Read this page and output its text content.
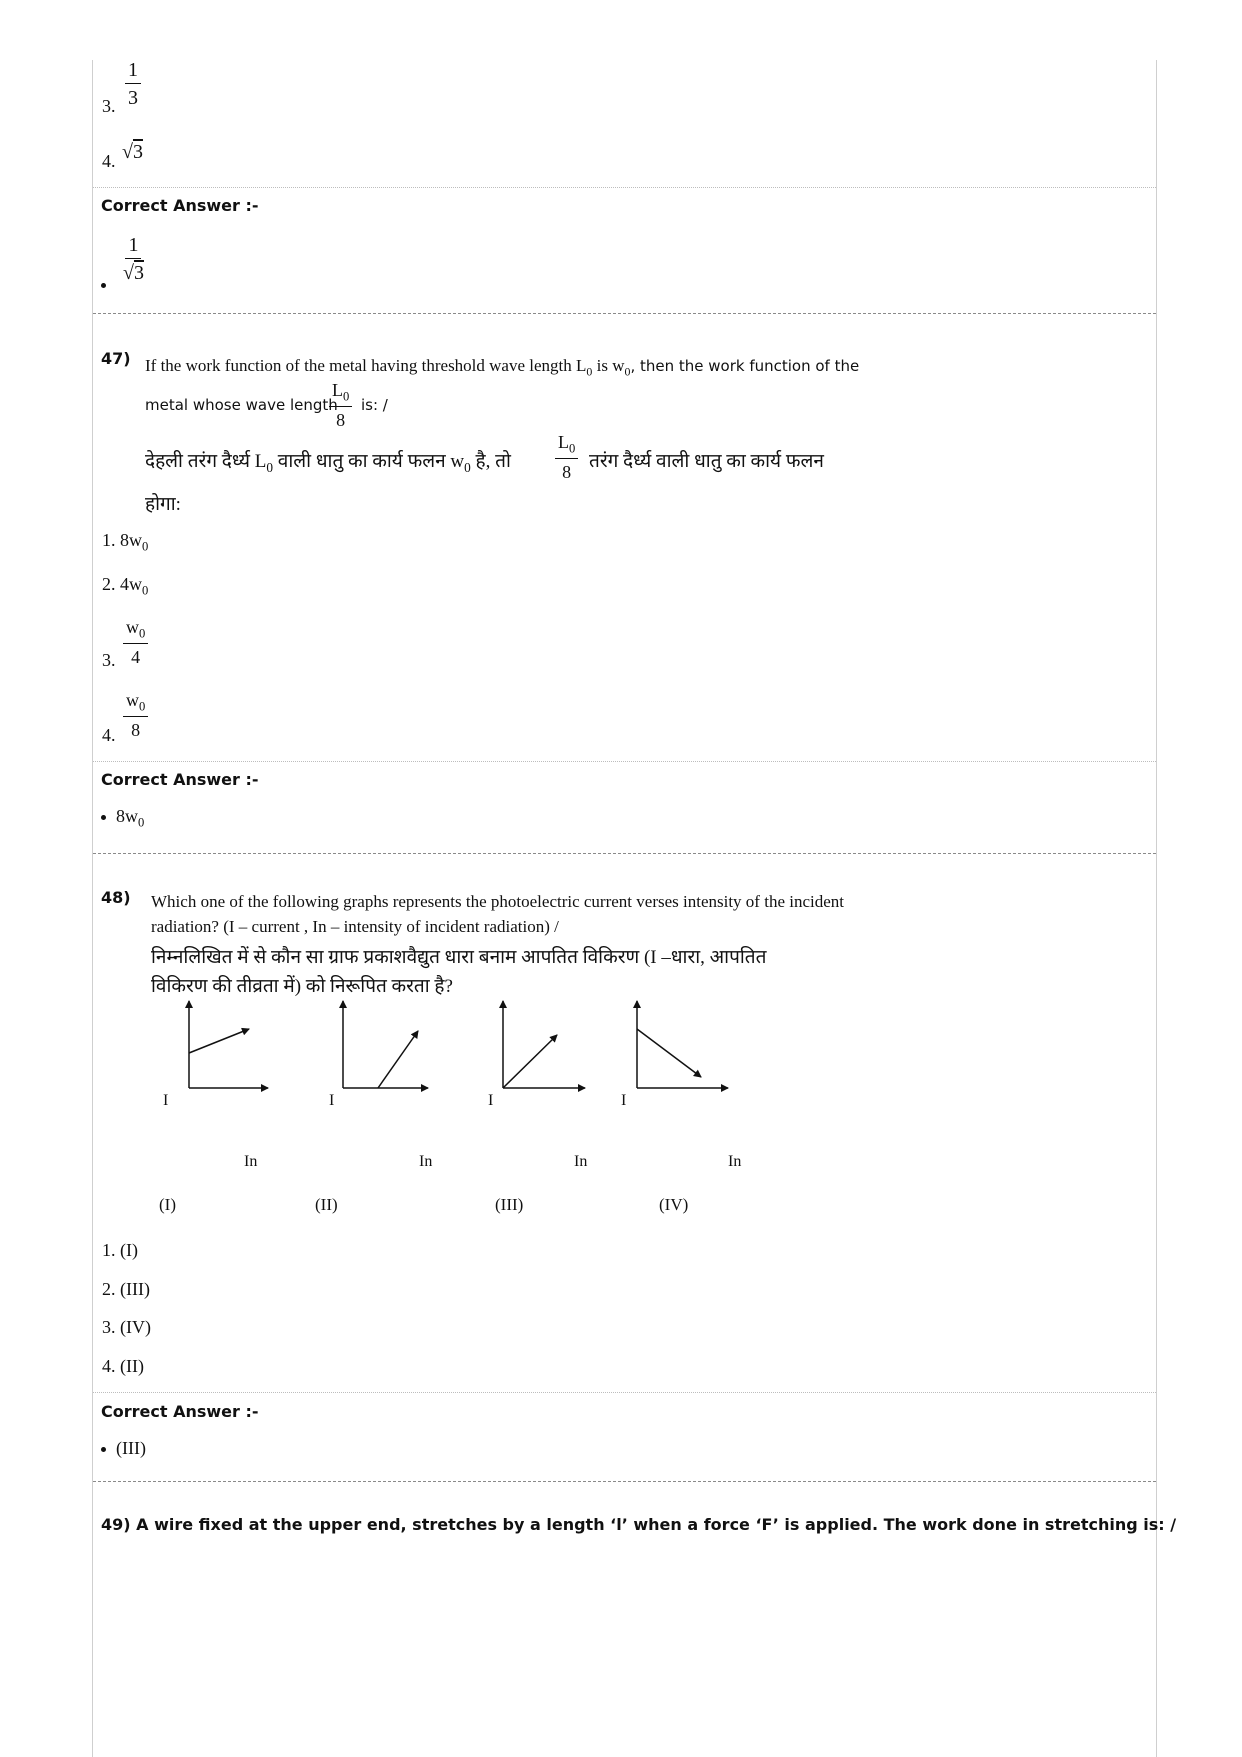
3. $\frac{1}{3}$
4. √3
Correct Answer :-
$\frac{1}{√3}$
47) If the work function of the metal having threshold wave length $L_0$ is $w_0$, then the work function of the
metal whose wave length
$\frac{L_0}{8}$ is: /
देहली तरंग दैर्ध्य $L_0$ वाली धातु का कार्य फलन $w_0$ है, तो $\frac{L_0}{8}$ तरंग दैर्ध्य वाली धातु का कार्य फलन
होगा:
1. $8w_0$
2. $4w_0$
3. $\frac{w_0}{4}$
4. $\frac{w_0}{8}$
Correct Answer :-
$8w_0$
48) Which one of the following graphs represents the photoelectric current verses intensity of the incident
radiation? (I – current , In – intensity of incident radiation) /
निम्नलिखित में से कौन सा ग्राफ प्रकाशवैद्युत धारा बनाम आपतित विकिरण (I –धारा, आपतित
विकिरण की तीव्रता में) को निरूपित करता है?
I
In
(I)
I
In
(II)
I
In
(III)
I
In
(IV)
1. (I)
2. (III)
3. (IV)
4. (II)
Correct Answer :-
(III)
49) A wire fixed at the upper end, stretches by a length ‘l’ when a force ‘F’ is applied. The work done in stretching is: /
